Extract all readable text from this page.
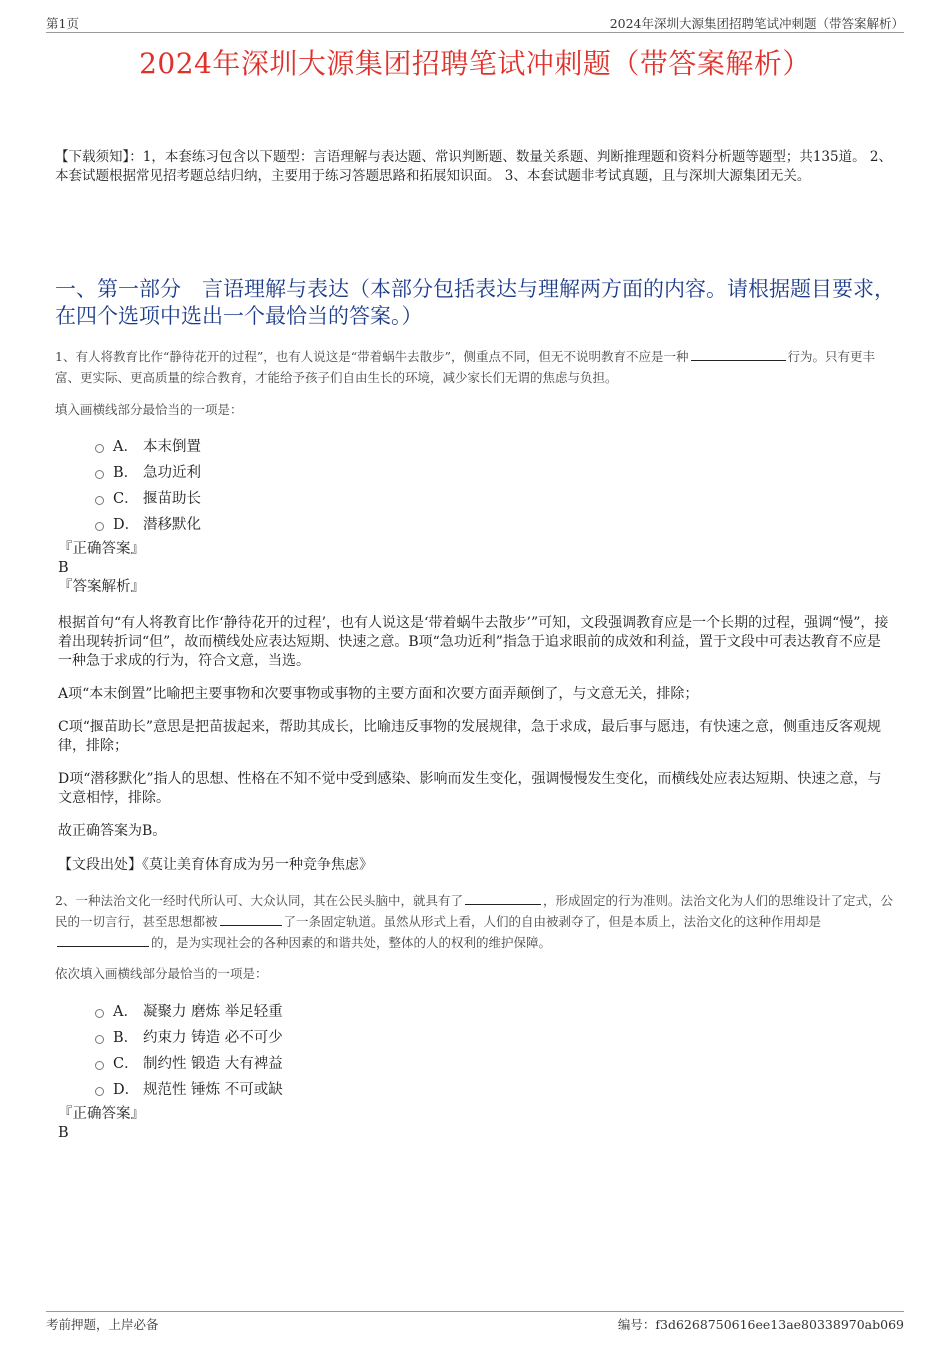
第1页	2024年深圳大源集团招聘笔试冲刺题（带答案解析）
2024年深圳大源集团招聘笔试冲刺题（带答案解析）
【下载须知】：1，本套练习包含以下题型：言语理解与表达题、常识判断题、数量关系题、判断推理题和资料分析题等题型；共135道。 2、本套试题根据常见招考题总结归纳，主要用于练习答题思路和拓展知识面。 3、本套试题非考试真题，且与深圳大源集团无关。
一、第一部分　言语理解与表达（本部分包括表达与理解两方面的内容。请根据题目要求，在四个选项中选出一个最恰当的答案。）
1、有人将教育比作“静待花开的过程”，也有人说这是“带着蜗牛去散步”，侧重点不同，但无不说明教育不应是一种	行为。只有更丰富、更实际、更高质量的综合教育，才能给予孩子们自由生长的环境，减少家长们无谓的焦虑与负担。
填入画横线部分最恰当的一项是：
A． 本末倒置
B． 急功近利
C． 揠苗助长
D． 潜移默化
『正确答案』
B
『答案解析』
根据首句“有人将教育比作‘静待花开的过程’，也有人说这是‘带着蜗牛去散步’”可知，文段强调教育应是一个长期的过程，强调“慢”，接着出现转折词“但”，故而横线处应表达短期、快速之意。B项“急功近利”指急于追求眼前的成效和利益，置于文段中可表达教育不应是一种急于求成的行为，符合文意，当选。
A项“本末倒置”比喻把主要事物和次要事物或事物的主要方面和次要方面弄颠倒了，与文意无关，排除；
C项“揠苗助长”意思是把苗拔起来，帮助其成长，比喻违反事物的发展规律，急于求成，最后事与愿违，有快速之意，侧重违反客观规律，排除；
D项“潜移默化”指人的思想、性格在不知不觉中受到感染、影响而发生变化，强调慢慢发生变化，而横线处应表达短期、快速之意，与文意相悖，排除。
故正确答案为B。
【文段出处】《莫让美育体育成为另一种竞争焦虑》
2、一种法治文化一经时代所认可、大众认同，其在公民头脑中，就具有了	，形成固定的行为准则。法治文化为人们的思维设计了定式，公民的一切言行，甚至思想都被	了一条固定轨道。虽然从形式上看，人们的自由被剥夺了，但是本质上，法治文化的这种作用却是的，是为实现社会的各种因素的和谐共处，整体的人的权利的维护保障。
依次填入画横线部分最恰当的一项是：
A． 凝聚力 磨炼 举足轻重
B． 约束力 铸造 必不可少
C． 制约性 锻造 大有裨益
D． 规范性 锤炼 不可或缺
『正确答案』
B
考前押题，上岸必备	编号：f3d6268750616ee13ae80338970ab069
